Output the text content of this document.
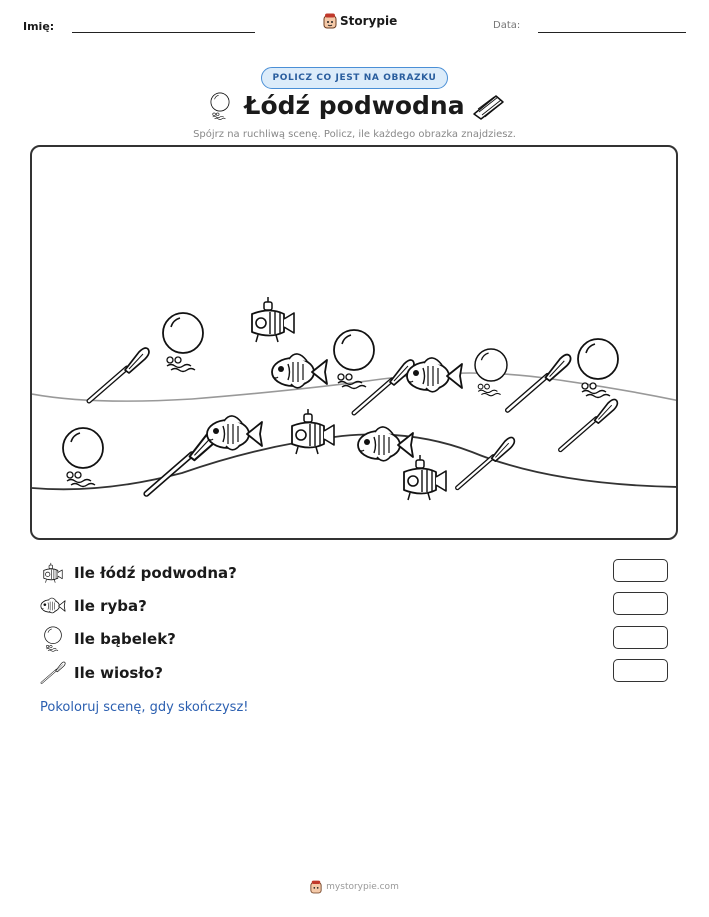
Imię:	Storypie	Data:
POLICZ CO JEST NA OBRAZKU
Łódź podwodna
Spójrz na ruchliwą scenę. Policz, ile każdego obrazka znajdziesz.
Ile łódź podwodna?
Ile ryba?
Ile bąbelek?
Ile wiosło?
Pokoloruj scenę, gdy skończysz!
mystorypie.com
